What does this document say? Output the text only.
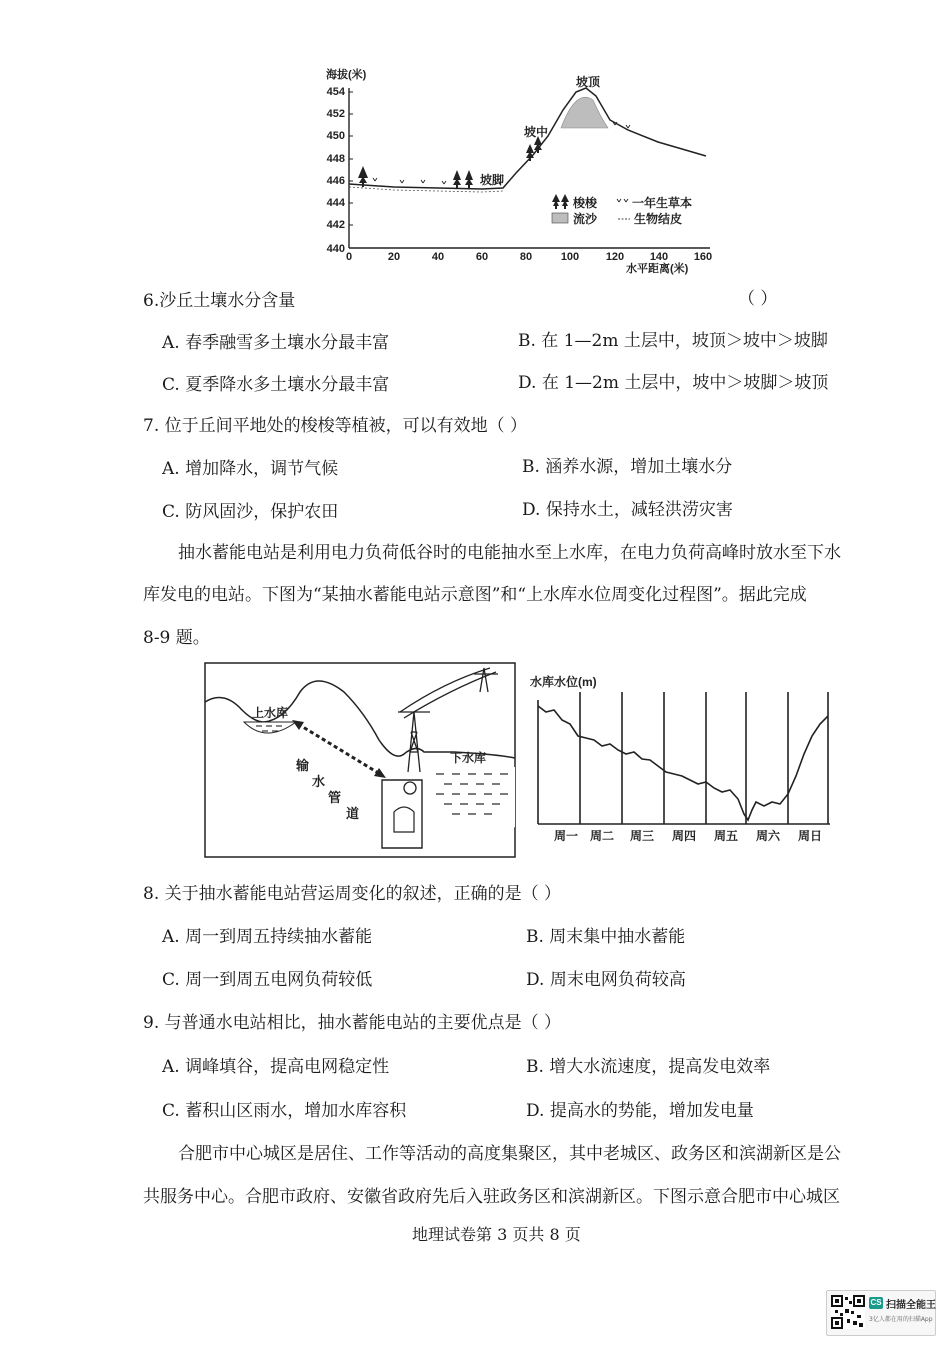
海拔(米)
454
452
450
448
446
444
442
440
0	20	40	60	80	100 120 140 160
水平距离(米)
坡顶
坡中
坡脚
梭梭	一年生草本
流沙	生物结皮
6.沙丘土壤水分含量	（ ）
A. 春季融雪多土壤水分最丰富	B. 在 1—2m 土层中，坡顶＞坡中＞坡脚
C. 夏季降水多土壤水分最丰富	D. 在 1—2m 土层中，坡中＞坡脚＞坡顶
7. 位于丘间平地处的梭梭等植被，可以有效地（ ）
A. 增加降水，调节气候	B. 涵养水源，增加土壤水分
C. 防风固沙，保护农田	D. 保持水土，减轻洪涝灾害
抽水蓄能电站是利用电力负荷低谷时的电能抽水至上水库，在电力负荷高峰时放水至下水
库发电的电站。下图为“某抽水蓄能电站示意图”和“上水库水位周变化过程图”。据此完成
8-9 题。
上水库
下水库
输
水
管
道
水库水位(m)
周一 周二 周三 周四 周五 周六 周日
8. 关于抽水蓄能电站营运周变化的叙述，正确的是（ ）
A. 周一到周五持续抽水蓄能	B. 周末集中抽水蓄能
C. 周一到周五电网负荷较低	D. 周末电网负荷较高
9. 与普通水电站相比，抽水蓄能电站的主要优点是（ ）
A. 调峰填谷，提高电网稳定性	B. 增大水流速度，提高发电效率
C. 蓄积山区雨水，增加水库容积	D. 提高水的势能，增加发电量
合肥市中心城区是居住、工作等活动的高度集聚区，其中老城区、政务区和滨湖新区是公
共服务中心。合肥市政府、安徽省政府先后入驻政务区和滨湖新区。下图示意合肥市中心城区
地理试卷第 3 页共 8 页
CS 扫描全能王
3亿人都在用的扫描App
